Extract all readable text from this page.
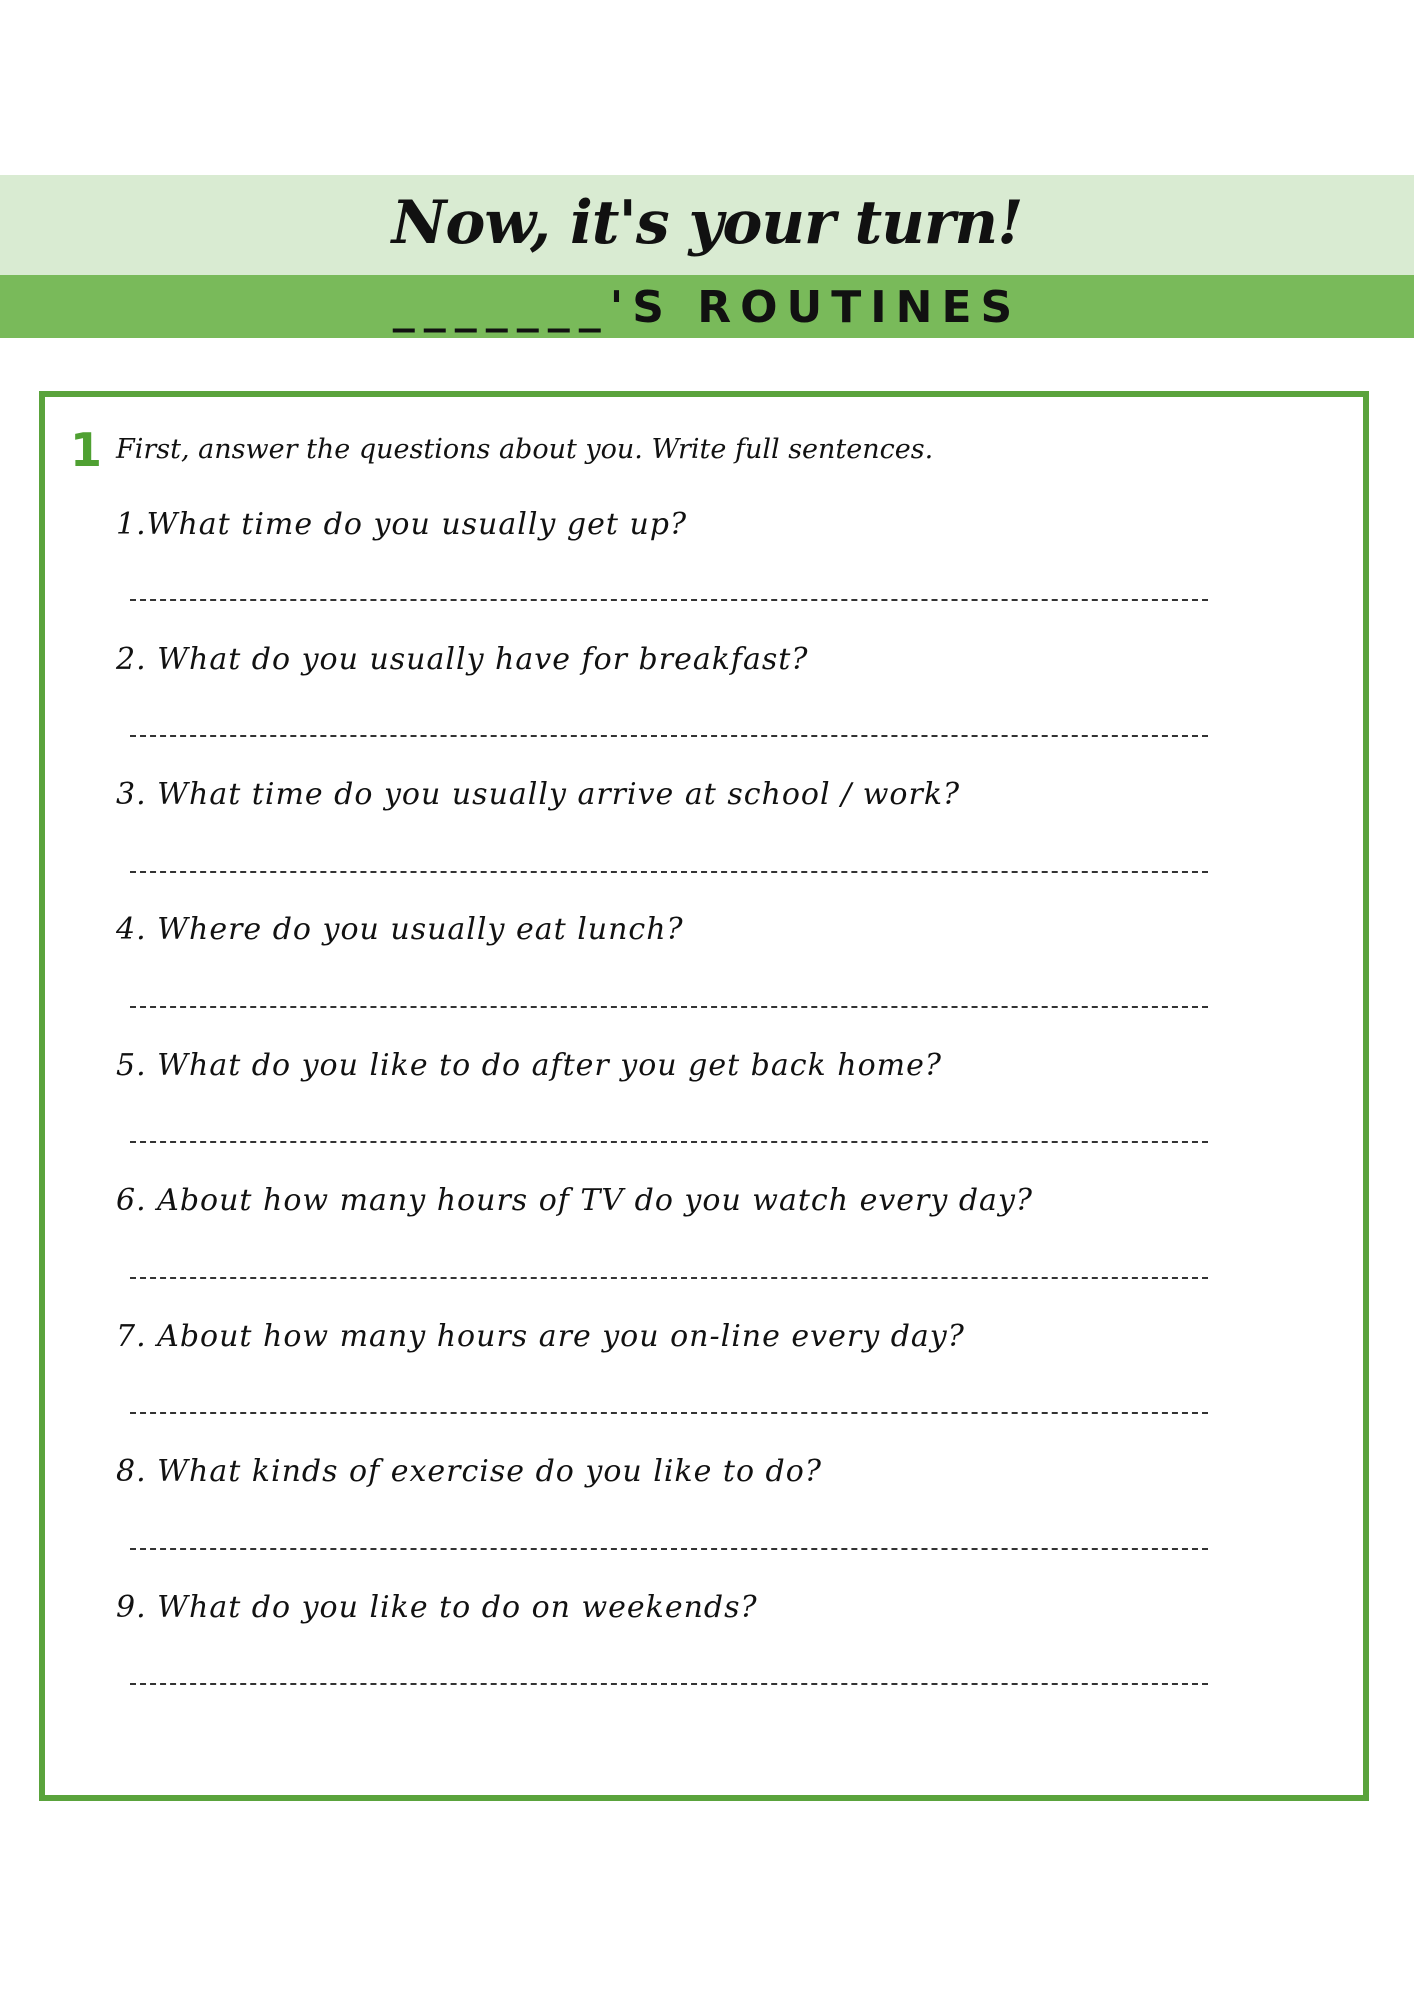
Now, it's your turn!
_______'S ROUTINES
1 First, answer the questions about you. Write full sentences.
1.What time do you usually get up?
2. What do you usually have for breakfast?
3. What time do you usually arrive at school / work?
4. Where do you usually eat lunch?
5. What do you like to do after you get back home?
6. About how many hours of TV do you watch every day?
7. About how many hours are you on-line every day?
8. What kinds of exercise do you like to do?
9. What do you like to do on weekends?
